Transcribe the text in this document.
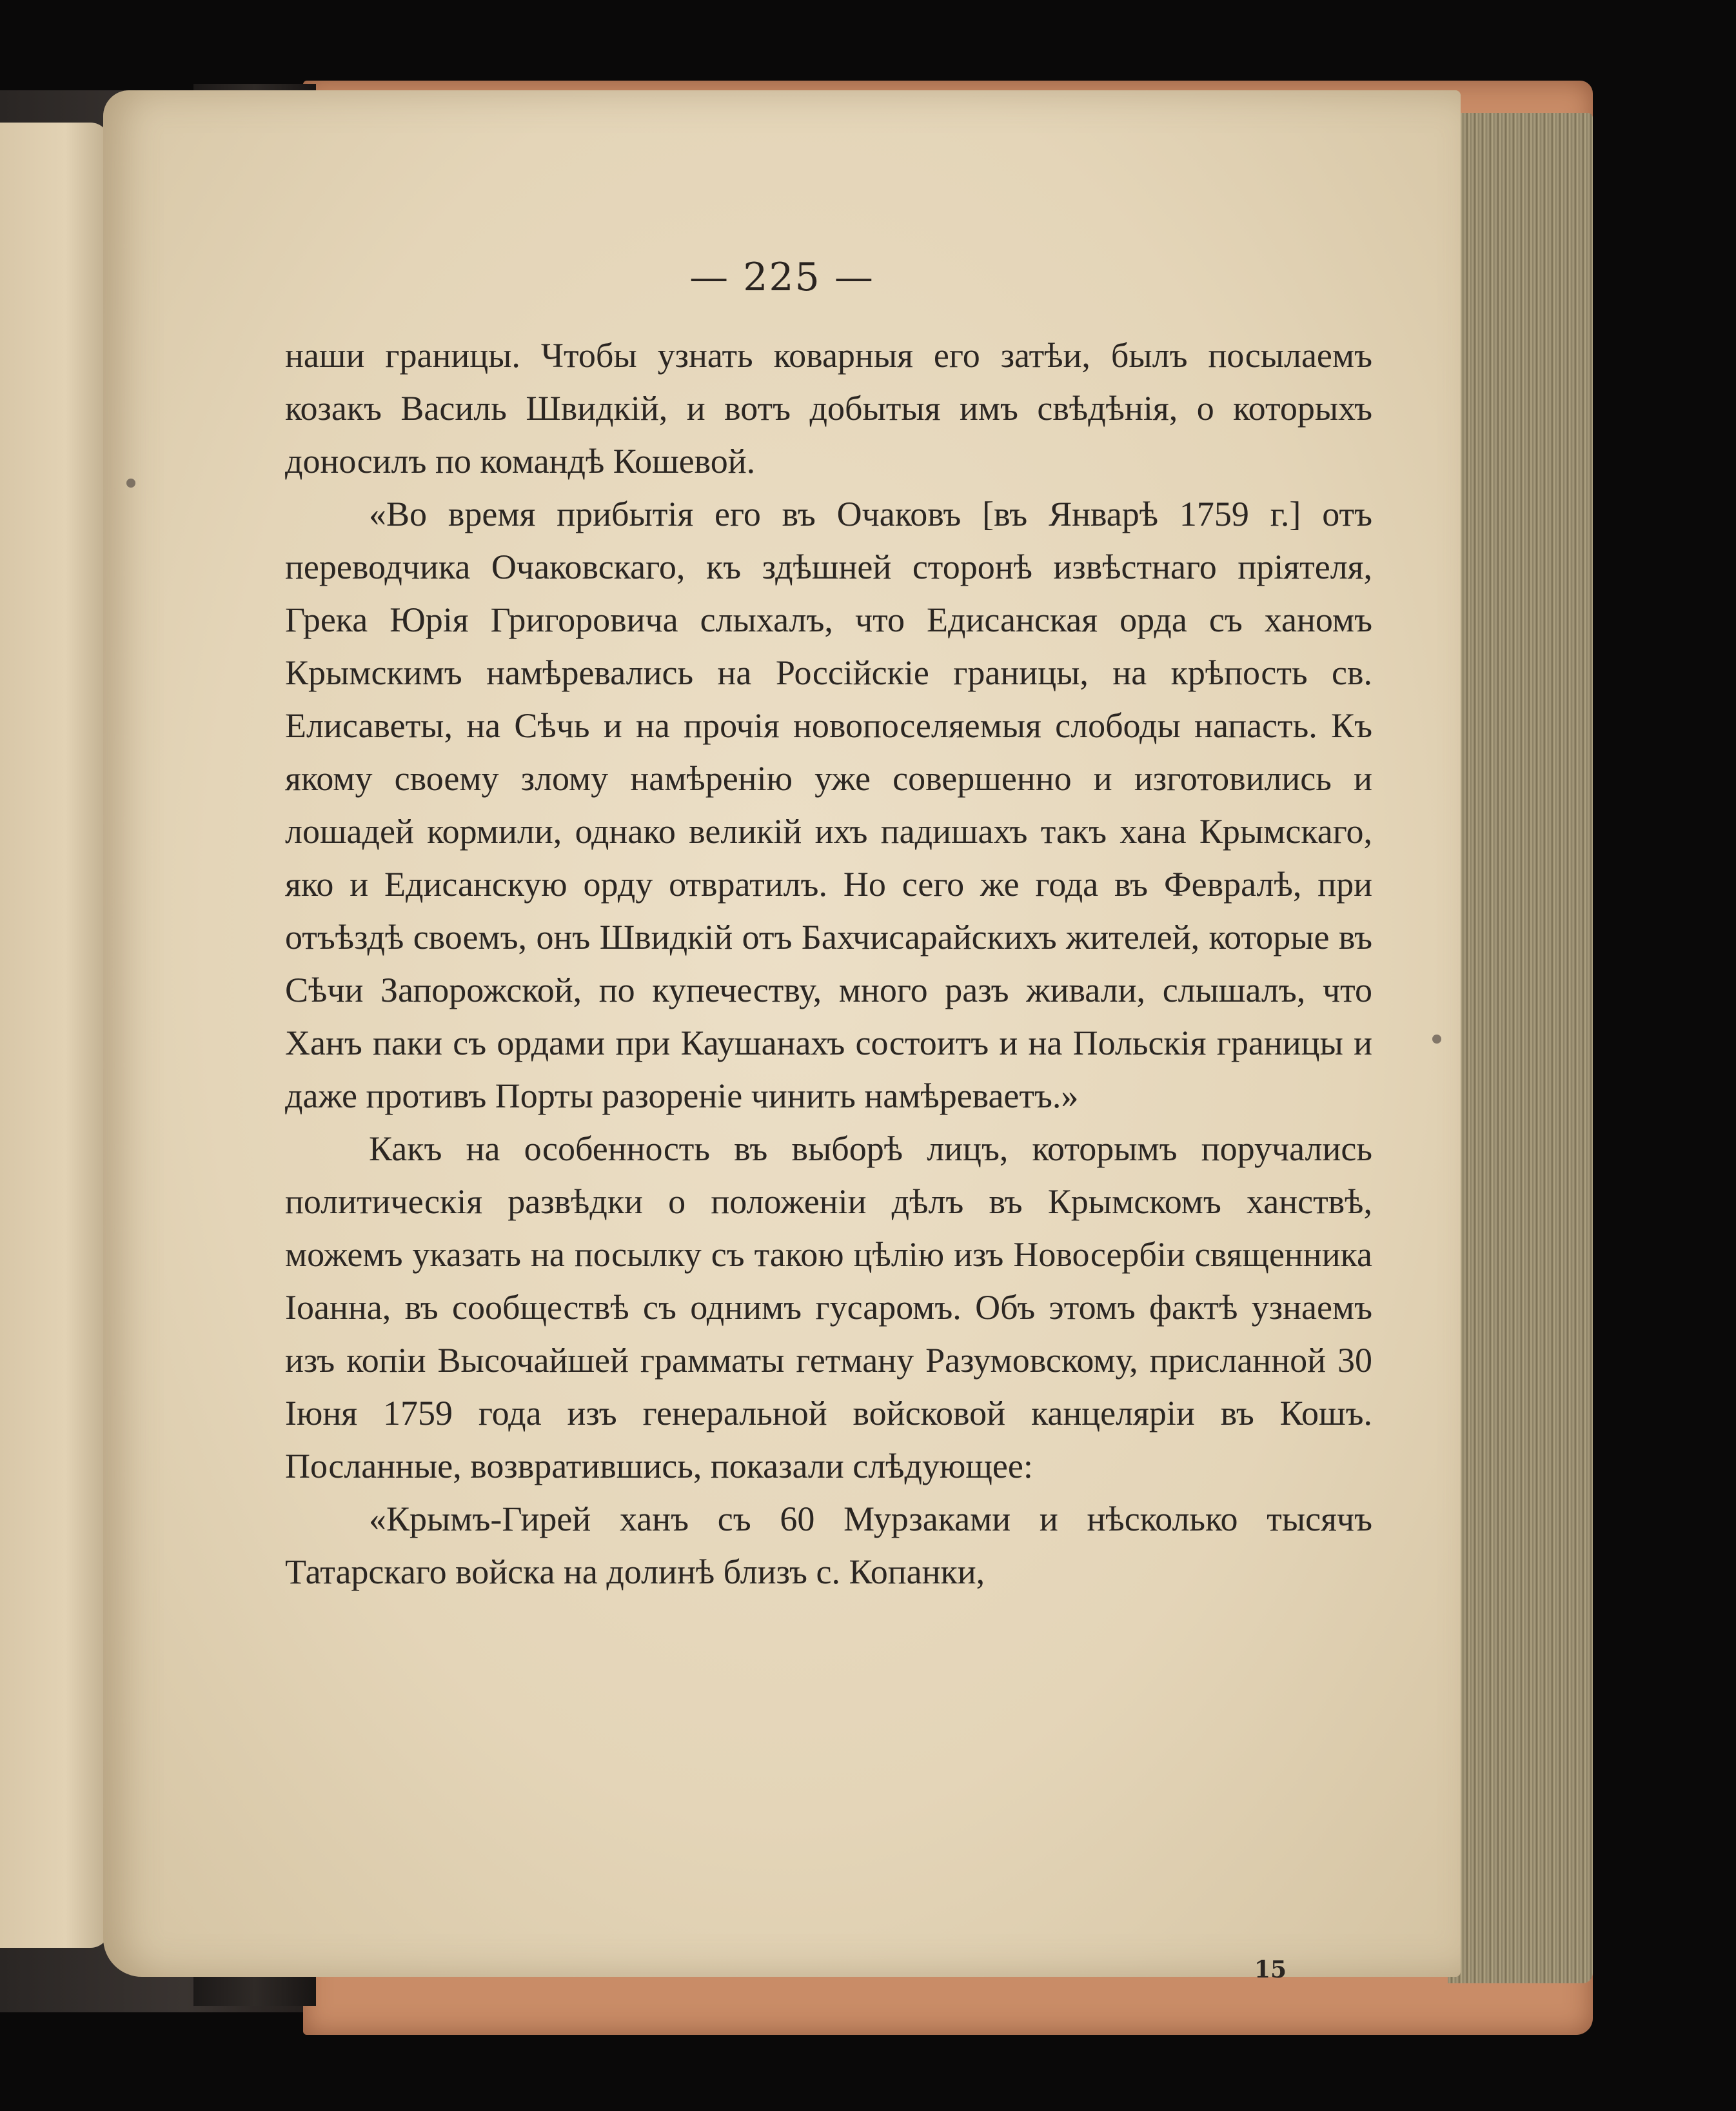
— 225 —

наши границы. Чтобы узнать коварныя его затѣи, былъ посылаемъ козакъ Василь Швидкій, и вотъ добытыя имъ свѣдѣнія, о которыхъ доносилъ по командѣ Кошевой.

«Во время прибытія его въ Очаковъ [въ Январѣ 1759 г.] отъ переводчика Очаковскаго, къ здѣшней сторонѣ извѣстнаго пріятеля, Грека Юрія Григоровича слыхалъ, что Едисанская орда съ ханомъ Крымскимъ намѣревались на Россійскіе границы, на крѣпость св. Елисаветы, на Сѣчь и на прочія новопоселяемыя слободы напасть. Къ якому своему злому намѣренію уже совершенно и изготовились и лошадей кормили, однако великій ихъ падишахъ такъ хана Крымскаго, яко и Едисанскую орду отвратилъ. Но сего же года въ Февралѣ, при отъѣздѣ своемъ, онъ Швидкій отъ Бахчисарайскихъ жителей, которые въ Сѣчи Запорожской, по купечеству, много разъ живали, слышалъ, что Ханъ паки съ ордами при Каушанахъ состоитъ и на Польскія границы и даже противъ Порты разореніе чинить намѣреваетъ.»

Какъ на особенность въ выборѣ лицъ, которымъ поручались политическія развѣдки о положеніи дѣлъ въ Крымскомъ ханствѣ, можемъ указать на посылку съ такою цѣлію изъ Новосербіи священника Іоанна, въ сообществѣ съ однимъ гусаромъ. Объ этомъ фактѣ узнаемъ изъ копіи Высочайшей грамматы гетману Разумовскому, присланной 30 Іюня 1759 года изъ генеральной войсковой канцеляріи въ Кошъ. Посланные, возвратившись, показали слѣдующее:

«Крымъ-Гирей ханъ съ 60 Мурзаками и нѣсколько тысячъ Татарскаго войска на долинѣ близъ с. Копанки,

15
